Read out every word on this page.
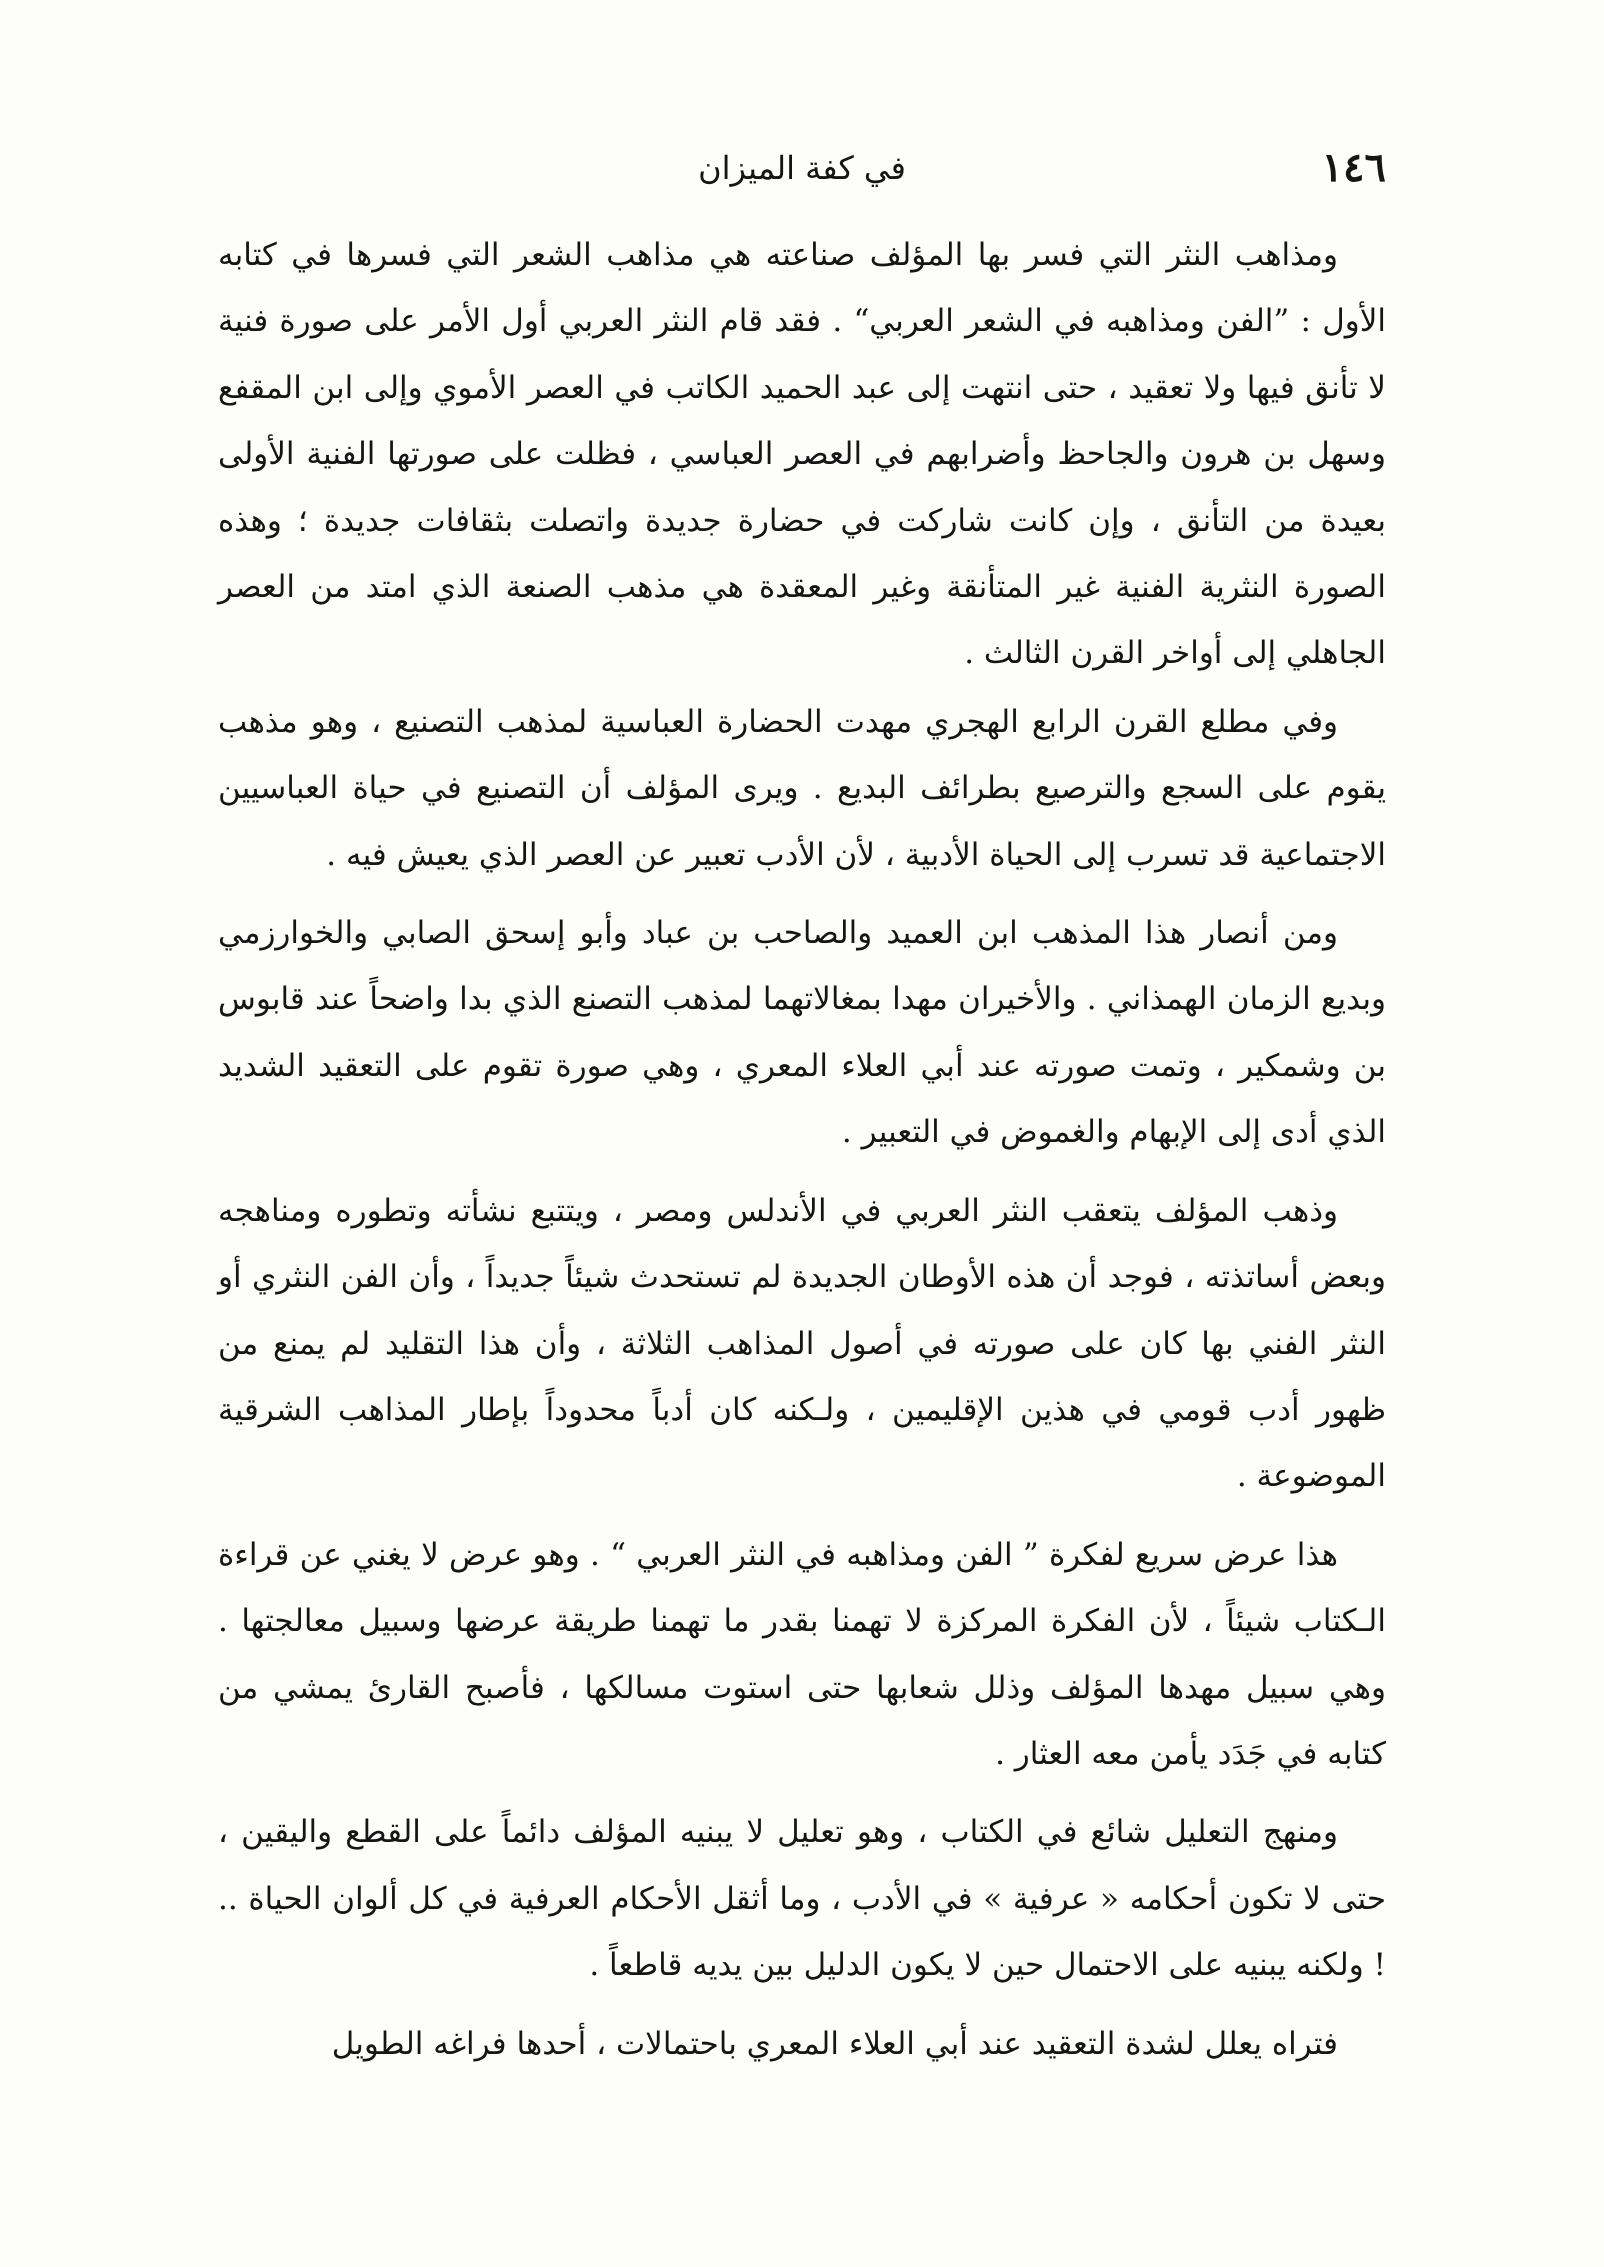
١٤٦
في كفة الميزان

ومذاهب النثر التي فسر بها المؤلف صناعته هي مذاهب الشعر التي فسرها في كتابه الأول : ”الفن ومذاهبه في الشعر العربي“ . فقد قام النثر العربي أول الأمر على صورة فنية لا تأنق فيها ولا تعقيد ، حتى انتهت إلى عبد الحميد الكاتب في العصر الأموي وإلى ابن المقفع وسهل بن هرون والجاحظ وأضرابهم في العصر العباسي ، فظلت على صورتها الفنية الأولى بعيدة من التأنق ، وإن كانت شاركت في حضارة جديدة واتصلت بثقافات جديدة ؛ وهذه الصورة النثرية الفنية غير المتأنقة وغير المعقدة هي مذهب الصنعة الذي امتد من العصر الجاهلي إلى أواخر القرن الثالث .

وفي مطلع القرن الرابع الهجري مهدت الحضارة العباسية لمذهب التصنيع ، وهو مذهب يقوم على السجع والترصيع بطرائف البديع . ويرى المؤلف أن التصنيع في حياة العباسيين الاجتماعية قد تسرب إلى الحياة الأدبية ، لأن الأدب تعبير عن العصر الذي يعيش فيه .

ومن أنصار هذا المذهب ابن العميد والصاحب بن عباد وأبو إسحق الصابي والخوارزمي وبديع الزمان الهمذاني . والأخيران مهدا بمغالاتهما لمذهب التصنع الذي بدا واضحاً عند قابوس بن وشمكير ، وتمت صورته عند أبي العلاء المعري ، وهي صورة تقوم على التعقيد الشديد الذي أدى إلى الإبهام والغموض في التعبير .

وذهب المؤلف يتعقب النثر العربي في الأندلس ومصر ، ويتتبع نشأته وتطوره ومناهجه وبعض أساتذته ، فوجد أن هذه الأوطان الجديدة لم تستحدث شيئاً جديداً ، وأن الفن النثري أو النثر الفني بها كان على صورته في أصول المذاهب الثلاثة ، وأن هذا التقليد لم يمنع من ظهور أدب قومي في هذين الإقليمين ، ولـكنه كان أدباً محدوداً بإطار المذاهب الشرقية الموضوعة .

هذا عرض سريع لفكرة ” الفن ومذاهبه في النثر العربي “ . وهو عرض لا يغني عن قراءة الـكتاب شيئاً ، لأن الفكرة المركزة لا تهمنا بقدر ما تهمنا طريقة عرضها وسبيل معالجتها . وهي سبيل مهدها المؤلف وذلل شعابها حتى استوت مسالكها ، فأصبح القارئ يمشي من كتابه في جَدَد يأمن معه العثار .

ومنهج التعليل شائع في الكتاب ، وهو تعليل لا يبنيه المؤلف دائماً على القطع واليقين ، حتى لا تكون أحكامه « عرفية » في الأدب ، وما أثقل الأحكام العرفية في كل ألوان الحياة .. ! ولكنه يبنيه على الاحتمال حين لا يكون الدليل بين يديه قاطعاً .

فتراه يعلل لشدة التعقيد عند أبي العلاء المعري باحتمالات ، أحدها فراغه الطويل
